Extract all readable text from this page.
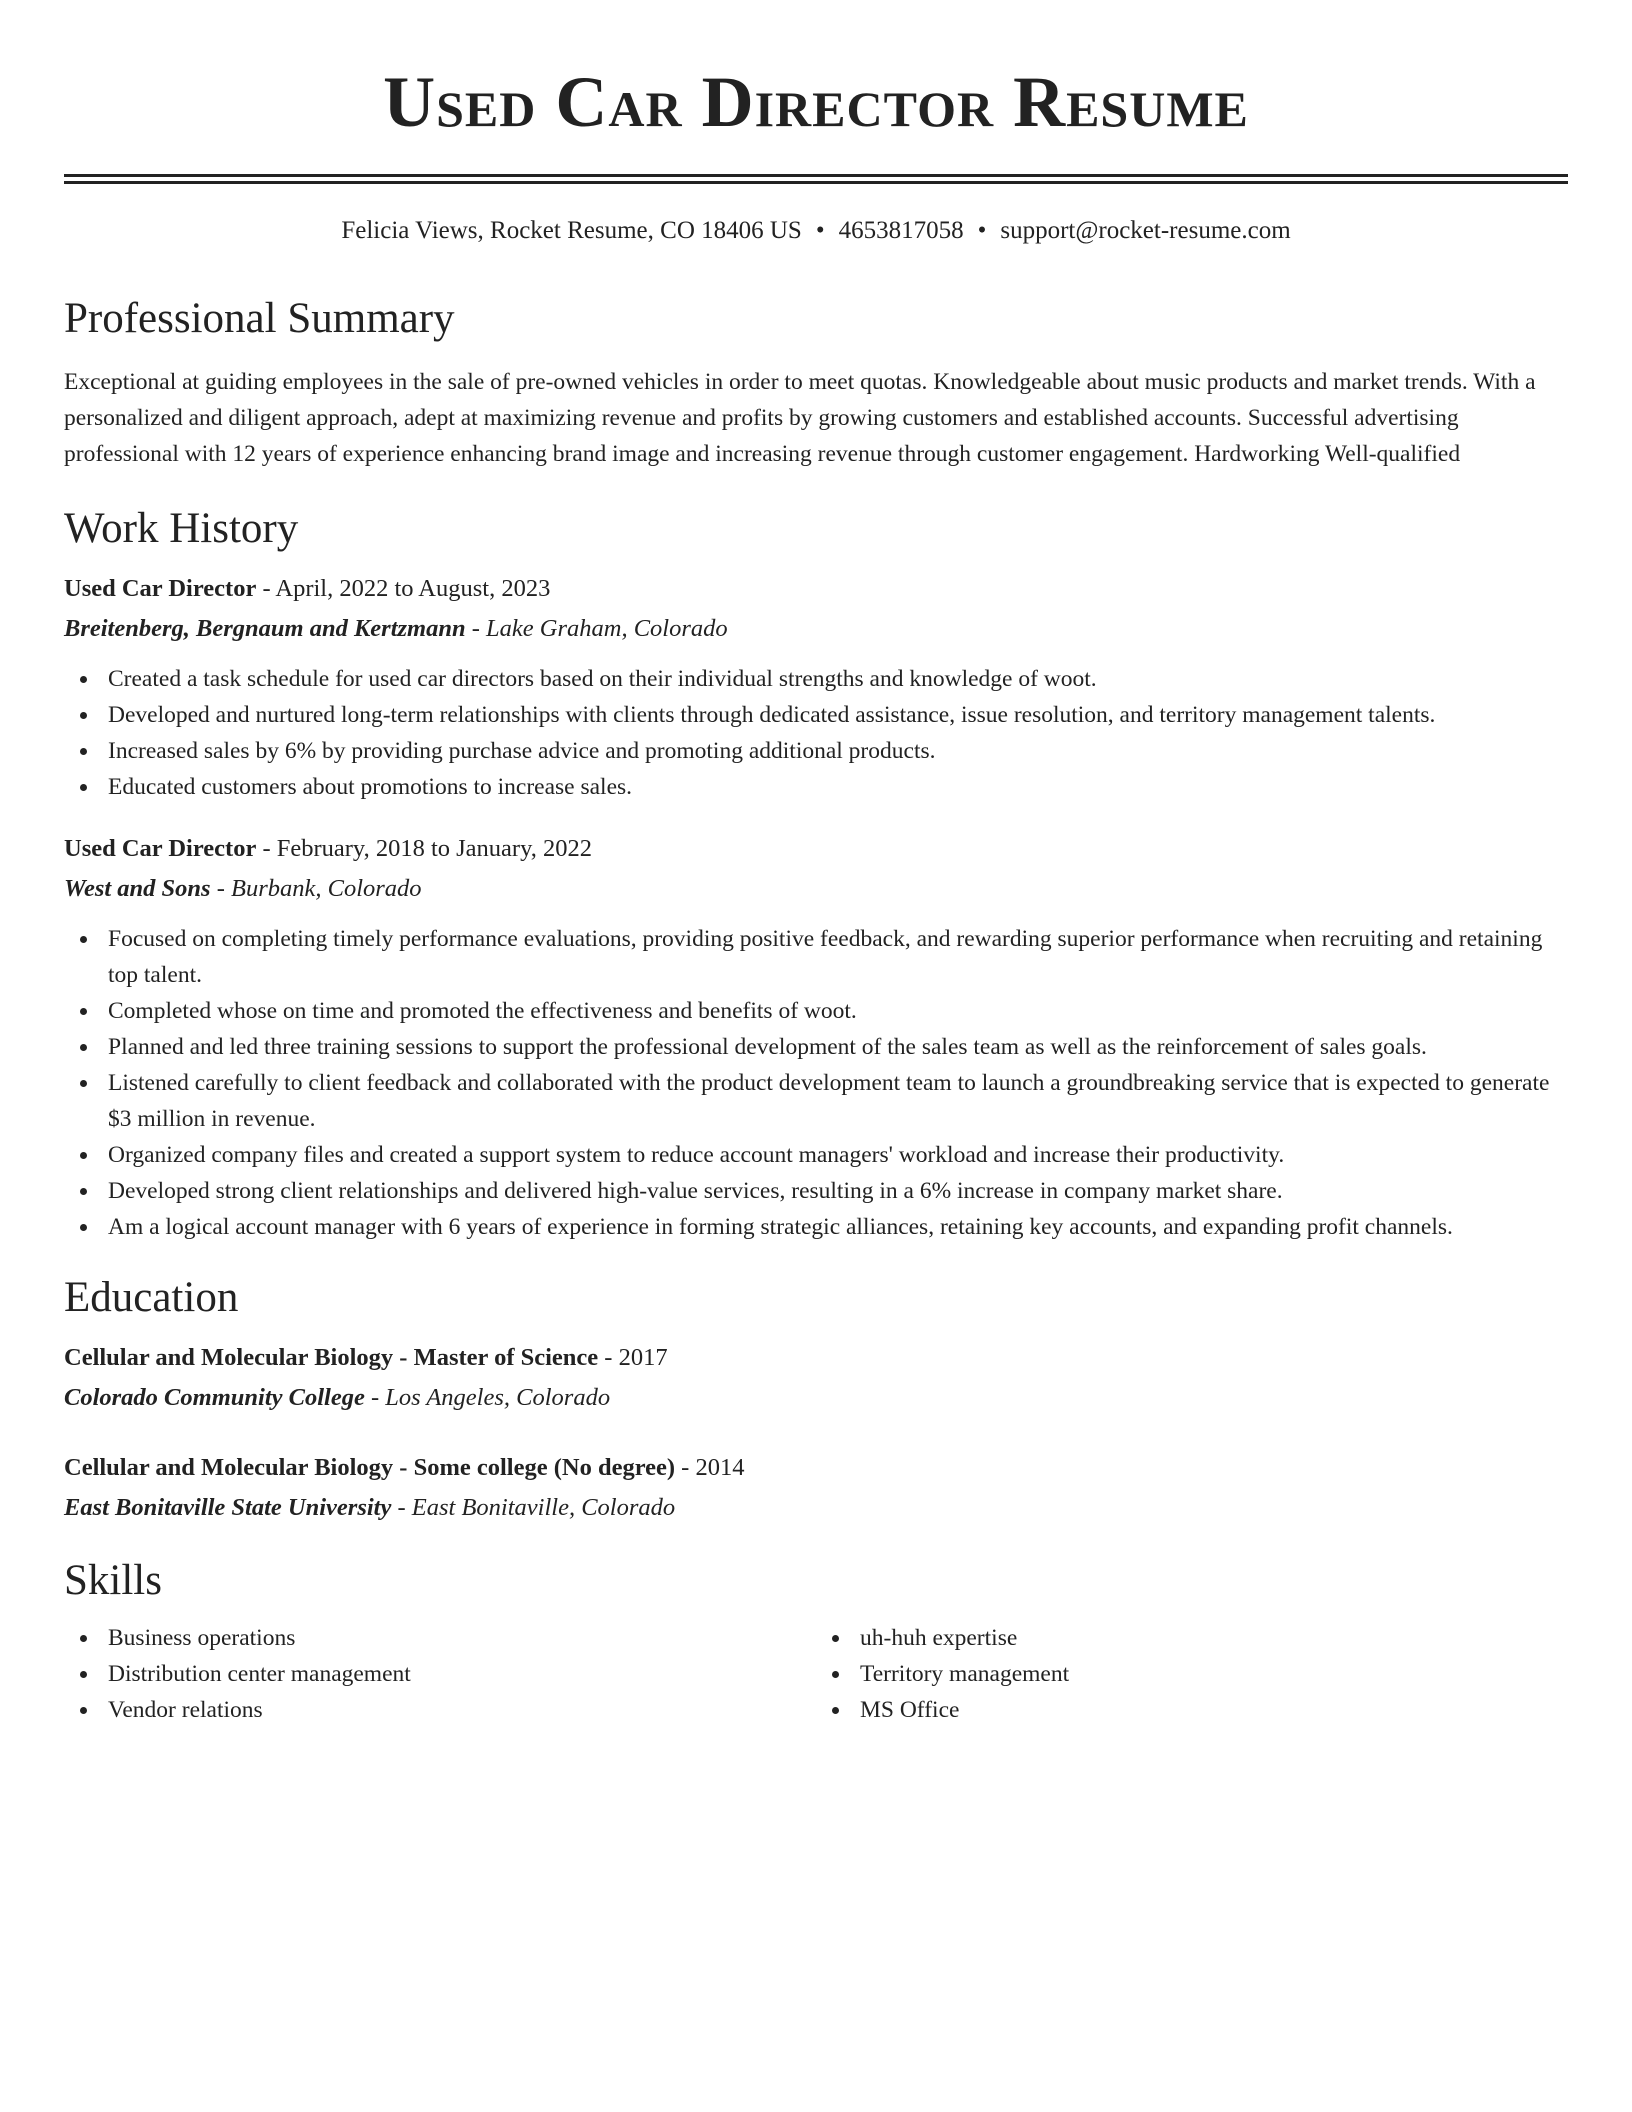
Used Car Director Resume
Felicia Views, Rocket Resume, CO 18406 US • 4653817058 • support@rocket-resume.com
Professional Summary

Exceptional at guiding employees in the sale of pre-owned vehicles in order to meet quotas. Knowledgeable about music products and market trends. With a personalized and diligent approach, adept at maximizing revenue and profits by growing customers and established accounts. Successful advertising professional with 12 years of experience enhancing brand image and increasing revenue through customer engagement. Hardworking Well-qualified

Work History
Used Car Director - April, 2022 to August, 2023
Breitenberg, Bergnaum and Kertzmann - Lake Graham, Colorado
Created a task schedule for used car directors based on their individual strengths and knowledge of woot.
Developed and nurtured long-term relationships with clients through dedicated assistance, issue resolution, and territory management talents.
Increased sales by 6% by providing purchase advice and promoting additional products.
Educated customers about promotions to increase sales.
Used Car Director - February, 2018 to January, 2022
West and Sons - Burbank, Colorado
Focused on completing timely performance evaluations, providing positive feedback, and rewarding superior performance when recruiting and retaining top talent.
Completed whose on time and promoted the effectiveness and benefits of woot.
Planned and led three training sessions to support the professional development of the sales team as well as the reinforcement of sales goals.
Listened carefully to client feedback and collaborated with the product development team to launch a groundbreaking service that is expected to generate $3 million in revenue.
Organized company files and created a support system to reduce account managers' workload and increase their productivity.
Developed strong client relationships and delivered high-value services, resulting in a 6% increase in company market share.
Am a logical account manager with 6 years of experience in forming strategic alliances, retaining key accounts, and expanding profit channels.
Education
Cellular and Molecular Biology - Master of Science - 2017
Colorado Community College - Los Angeles, Colorado
Cellular and Molecular Biology - Some college (No degree) - 2014
East Bonitaville State University - East Bonitaville, Colorado
Skills
Business operations
Distribution center management
Vendor relations
uh-huh expertise
Territory management
MS Office
